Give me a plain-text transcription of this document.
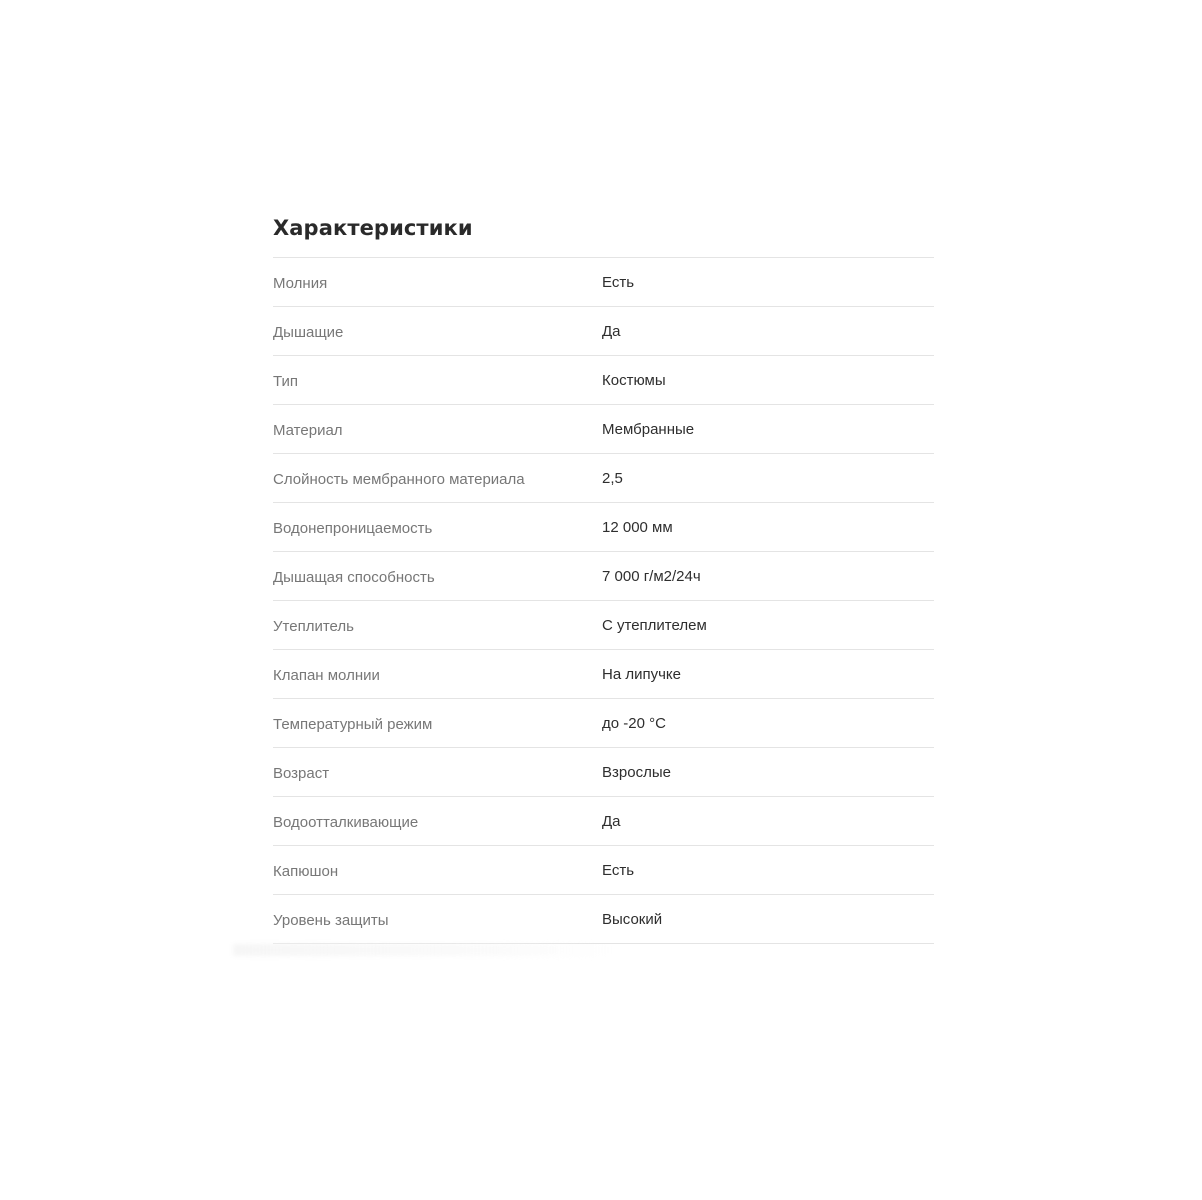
Характеристики
Молния	Есть
Дышащие	Да
Тип	Костюмы
Материал	Мембранные
Слойность мембранного материала	2,5
Водонепроницаемость	12 000 мм
Дышащая способность	7 000 г/м2/24ч
Утеплитель	С утеплителем
Клапан молнии	На липучке
Температурный режим	до -20 °С
Возраст	Взрослые
Водоотталкивающие	Да
Капюшон	Есть
Уровень защиты	Высокий
